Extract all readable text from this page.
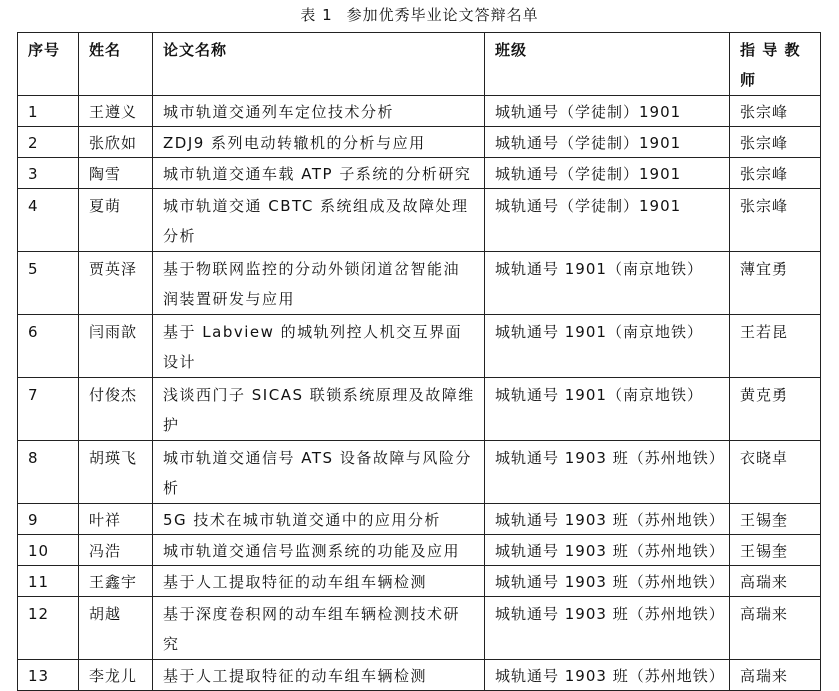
表 1 参加优秀毕业论文答辩名单
序号	姓名	论文名称	班级	指 导 教 师
1	王遵义	城市轨道交通列车定位技术分析	城轨通号（学徒制）1901	张宗峰
2	张欣如	ZDJ9 系列电动转辙机的分析与应用	城轨通号（学徒制）1901	张宗峰
3	陶雪	城市轨道交通车载 ATP 子系统的分析研究	城轨通号（学徒制）1901	张宗峰
4	夏萌	城市轨道交通 CBTC 系统组成及故障处理分析	城轨通号（学徒制）1901	张宗峰
5	贾英泽	基于物联网监控的分动外锁闭道岔智能油润装置研发与应用	城轨通号 1901（南京地铁）	薄宜勇
6	闫雨歆	基于 Labview 的城轨列控人机交互界面设计	城轨通号 1901（南京地铁）	王若昆
7	付俊杰	浅谈西门子 SICAS 联锁系统原理及故障维护	城轨通号 1901（南京地铁）	黄克勇
8	胡瑛飞	城市轨道交通信号 ATS 设备故障与风险分析	城轨通号 1903 班（苏州地铁）	衣晓卓
9	叶祥	5G 技术在城市轨道交通中的应用分析	城轨通号 1903 班（苏州地铁）	王锡奎
10	冯浩	城市轨道交通信号监测系统的功能及应用	城轨通号 1903 班（苏州地铁）	王锡奎
11	王鑫宇	基于人工提取特征的动车组车辆检测	城轨通号 1903 班（苏州地铁）	高瑞来
12	胡越	基于深度卷积网的动车组车辆检测技术研究	城轨通号 1903 班（苏州地铁）	高瑞来
13	李龙儿	基于人工提取特征的动车组车辆检测	城轨通号 1903 班（苏州地铁）	高瑞来
